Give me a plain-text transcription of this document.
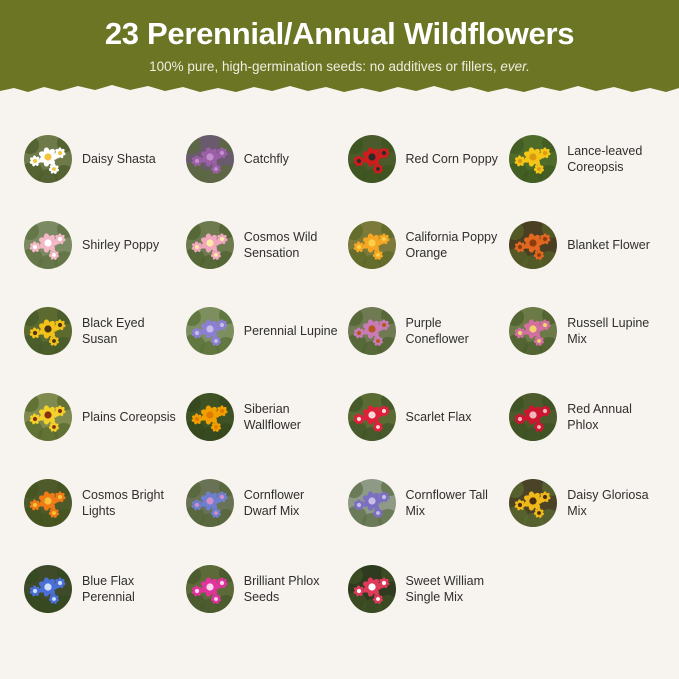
23 Perennial/Annual Wildflowers
100% pure, high-germination seeds: no additives or fillers, ever.
Daisy Shasta	Catchfly	Red Corn Poppy
Lance-leaved Coreopsis
Shirley Poppy
Cosmos Wild Sensation
California Poppy Orange
Blanket Flower
Black Eyed Susan
Perennial Lupine
Purple Coneflower
Russell Lupine Mix
Plains Coreopsis
Siberian Wallflower
Scarlet Flax
Red Annual Phlox
Cosmos Bright Lights
Cornflower Dwarf Mix
Cornflower Tall Mix
Daisy Gloriosa Mix
Blue Flax Perennial
Brilliant Phlox Seeds
Sweet William Single Mix
